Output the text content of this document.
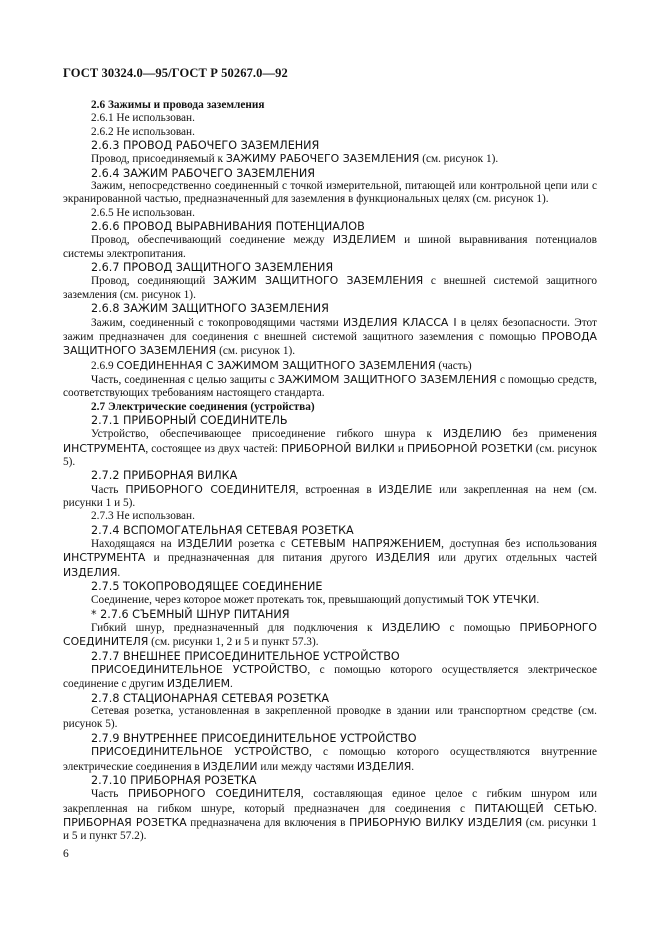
ГОСТ 30324.0—95/ГОСТ Р 50267.0—92

2.6 Зажимы и провода заземления

2.6.1 Не использован.

2.6.2 Не использован.

2.6.3 ПРОВОД РАБОЧЕГО ЗАЗЕМЛЕНИЯ

Провод, присоединяемый к ЗАЖИМУ РАБОЧЕГО ЗАЗЕМЛЕНИЯ (см. рисунок 1).

2.6.4 ЗАЖИМ РАБОЧЕГО ЗАЗЕМЛЕНИЯ

Зажим, непосредственно соединенный с точкой измерительной, питающей или контрольной цепи или с экранированной частью, предназначенный для заземления в функциональных целях (см. рисунок 1).

2.6.5 Не использован.

2.6.6 ПРОВОД ВЫРАВНИВАНИЯ ПОТЕНЦИАЛОВ

Провод, обеспечивающий соединение между ИЗДЕЛИЕМ и шиной выравнивания потенциалов системы электропитания.

2.6.7 ПРОВОД ЗАЩИТНОГО ЗАЗЕМЛЕНИЯ

Провод, соединяющий ЗАЖИМ ЗАЩИТНОГО ЗАЗЕМЛЕНИЯ с внешней системой защитного заземления (см. рисунок 1).

2.6.8 ЗАЖИМ ЗАЩИТНОГО ЗАЗЕМЛЕНИЯ

Зажим, соединенный с токопроводящими частями ИЗДЕЛИЯ КЛАССА I в целях безопасности. Этот зажим предназначен для соединения с внешней системой защитного заземления с помощью ПРОВОДА ЗАЩИТНОГО ЗАЗЕМЛЕНИЯ (см. рисунок 1).

2.6.9 СОЕДИНЕННАЯ С ЗАЖИМОМ ЗАЩИТНОГО ЗАЗЕМЛЕНИЯ (часть)

Часть, соединенная с целью защиты с ЗАЖИМОМ ЗАЩИТНОГО ЗАЗЕМЛЕНИЯ с помощью средств, соответствующих требованиям настоящего стандарта.

2.7 Электрические соединения (устройства)

2.7.1 ПРИБОРНЫЙ СОЕДИНИТЕЛЬ

Устройство, обеспечивающее присоединение гибкого шнура к ИЗДЕЛИЮ без применения ИНСТРУМЕНТА, состоящее из двух частей: ПРИБОРНОЙ ВИЛКИ и ПРИБОРНОЙ РОЗЕТКИ (см. рисунок 5).

2.7.2 ПРИБОРНАЯ ВИЛКА

Часть ПРИБОРНОГО СОЕДИНИТЕЛЯ, встроенная в ИЗДЕЛИЕ или закрепленная на нем (см. рисунки 1 и 5).

2.7.3 Не использован.

2.7.4 ВСПОМОГАТЕЛЬНАЯ СЕТЕВАЯ РОЗЕТКА

Находящаяся на ИЗДЕЛИИ розетка с СЕТЕВЫМ НАПРЯЖЕНИЕМ, доступная без использования ИНСТРУМЕНТА и предназначенная для питания другого ИЗДЕЛИЯ или других отдельных частей ИЗДЕЛИЯ.

2.7.5 ТОКОПРОВОДЯЩЕЕ СОЕДИНЕНИЕ

Соединение, через которое может протекать ток, превышающий допустимый ТОК УТЕЧКИ.

* 2.7.6 СЪЕМНЫЙ ШНУР ПИТАНИЯ

Гибкий шнур, предназначенный для подключения к ИЗДЕЛИЮ с помощью ПРИБОРНОГО СОЕДИНИТЕЛЯ (см. рисунки 1, 2 и 5 и пункт 57.3).

2.7.7 ВНЕШНЕЕ ПРИСОЕДИНИТЕЛЬНОЕ УСТРОЙСТВО

ПРИСОЕДИНИТЕЛЬНОЕ УСТРОЙСТВО, с помощью которого осуществляется электрическое соединение с другим ИЗДЕЛИЕМ.

2.7.8 СТАЦИОНАРНАЯ СЕТЕВАЯ РОЗЕТКА

Сетевая розетка, установленная в закрепленной проводке в здании или транспортном средстве (см. рисунок 5).

2.7.9 ВНУТРЕННЕЕ ПРИСОЕДИНИТЕЛЬНОЕ УСТРОЙСТВО

ПРИСОЕДИНИТЕЛЬНОЕ УСТРОЙСТВО, с помощью которого осуществляются внутренние электрические соединения в ИЗДЕЛИИ или между частями ИЗДЕЛИЯ.

2.7.10 ПРИБОРНАЯ РОЗЕТКА

Часть ПРИБОРНОГО СОЕДИНИТЕЛЯ, составляющая единое целое с гибким шнуром или закрепленная на гибком шнуре, который предназначен для соединения с ПИТАЮЩЕЙ СЕТЬЮ. ПРИБОРНАЯ РОЗЕТКА предназначена для включения в ПРИБОРНУЮ ВИЛКУ ИЗДЕЛИЯ (см. рисунки 1 и 5 и пункт 57.2).

6
